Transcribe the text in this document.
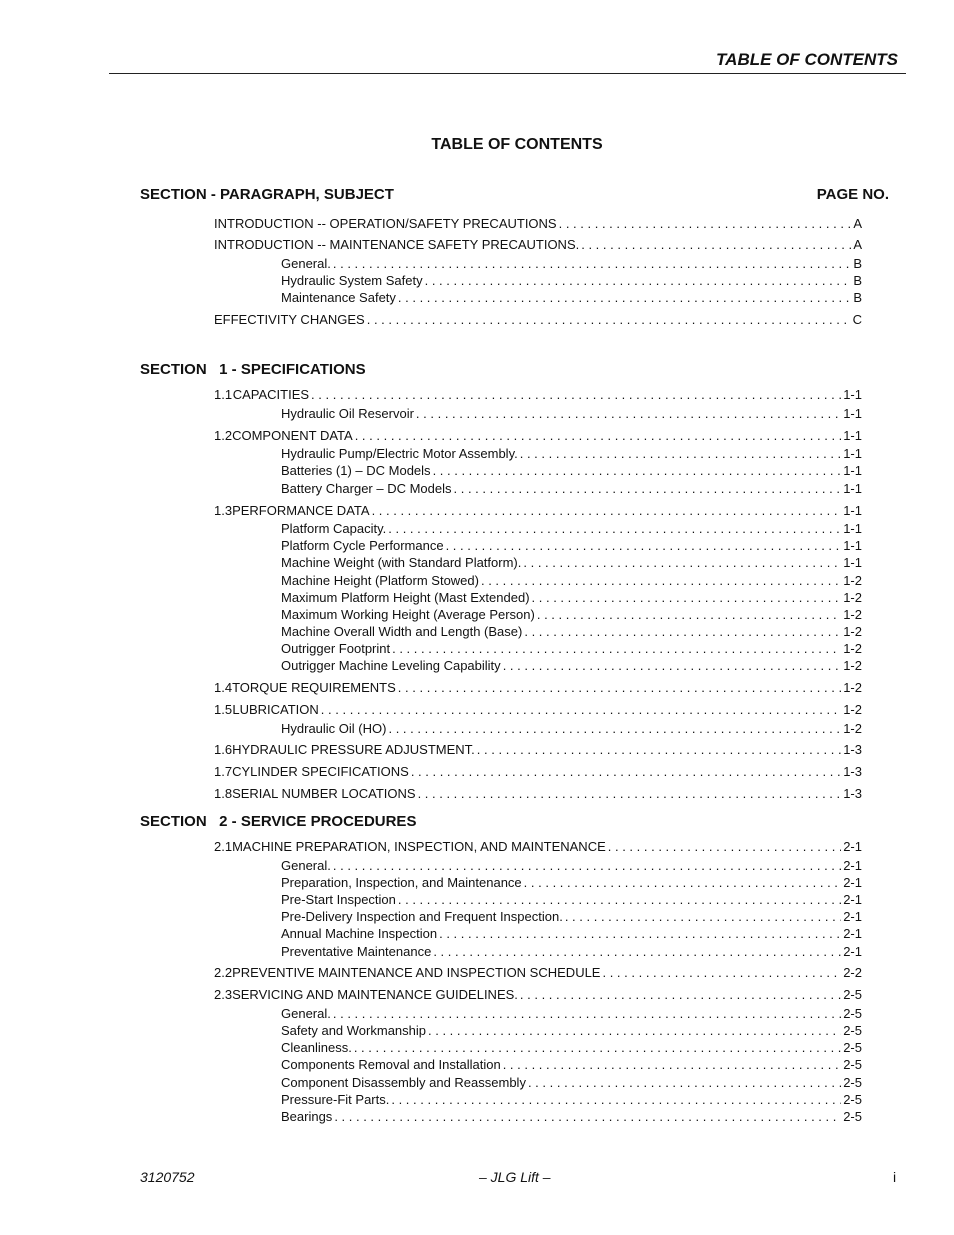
TABLE OF CONTENTS
TABLE OF CONTENTS
SECTION - PARAGRAPH, SUBJECT	PAGE NO.
INTRODUCTION -- OPERATION/SAFETY PRECAUTIONS . . .	A
INTRODUCTION -- MAINTENANCE SAFETY PRECAUTIONS. . . .	A
General. . . .	B
Hydraulic System Safety . . .	B
Maintenance Safety . . .	B
EFFECTIVITY CHANGES . . .	C
1.1 CAPACITIES . . .	1-1
Hydraulic Oil Reservoir . . .	1-1
1.2 COMPONENT DATA . . .	1-1
Hydraulic Pump/Electric Motor Assembly. . . .	1-1
Batteries (1) – DC Models . . .	1-1
Battery Charger – DC Models . . .	1-1
1.3 PERFORMANCE DATA . . .	1-1
Platform Capacity. . . .	1-1
Platform Cycle Performance . . .	1-1
Machine Weight (with Standard Platform). . . .	1-1
Machine Height (Platform Stowed) . . .	1-2
Maximum Platform Height (Mast Extended) . . .	1-2
Maximum Working Height (Average Person) . . .	1-2
Machine Overall Width and Length (Base) . . .	1-2
Outrigger Footprint . . .	1-2
Outrigger Machine Leveling Capability . . .	1-2
1.4 TORQUE REQUIREMENTS . . .	1-2
1.5 LUBRICATION . . .	1-2
Hydraulic Oil (HO) . . .	1-2
1.6 HYDRAULIC PRESSURE ADJUSTMENT. . . .	1-3
1.7 CYLINDER SPECIFICATIONS . . .	1-3
1.8 SERIAL NUMBER LOCATIONS . . .	1-3
2.1 MACHINE PREPARATION, INSPECTION, AND MAINTENANCE . . .	2-1
General. . . .	2-1
Preparation, Inspection, and Maintenance . . .	2-1
Pre-Start Inspection . . .	2-1
Pre-Delivery Inspection and Frequent Inspection. . . .	2-1
Annual Machine Inspection . . .	2-1
Preventative Maintenance . . .	2-1
2.2 PREVENTIVE MAINTENANCE AND INSPECTION SCHEDULE . . .	2-2
2.3 SERVICING AND MAINTENANCE GUIDELINES. . . .	2-5
General. . . .	2-5
Safety and Workmanship . . .	2-5
Cleanliness. . . .	2-5
Components Removal and Installation . . .	2-5
Component Disassembly and Reassembly . . .	2-5
Pressure-Fit Parts. . . .	2-5
Bearings . . .	2-5
SECTION   1 - SPECIFICATIONS
SECTION   2 - SERVICE PROCEDURES
3120752	– JLG Lift –	i
